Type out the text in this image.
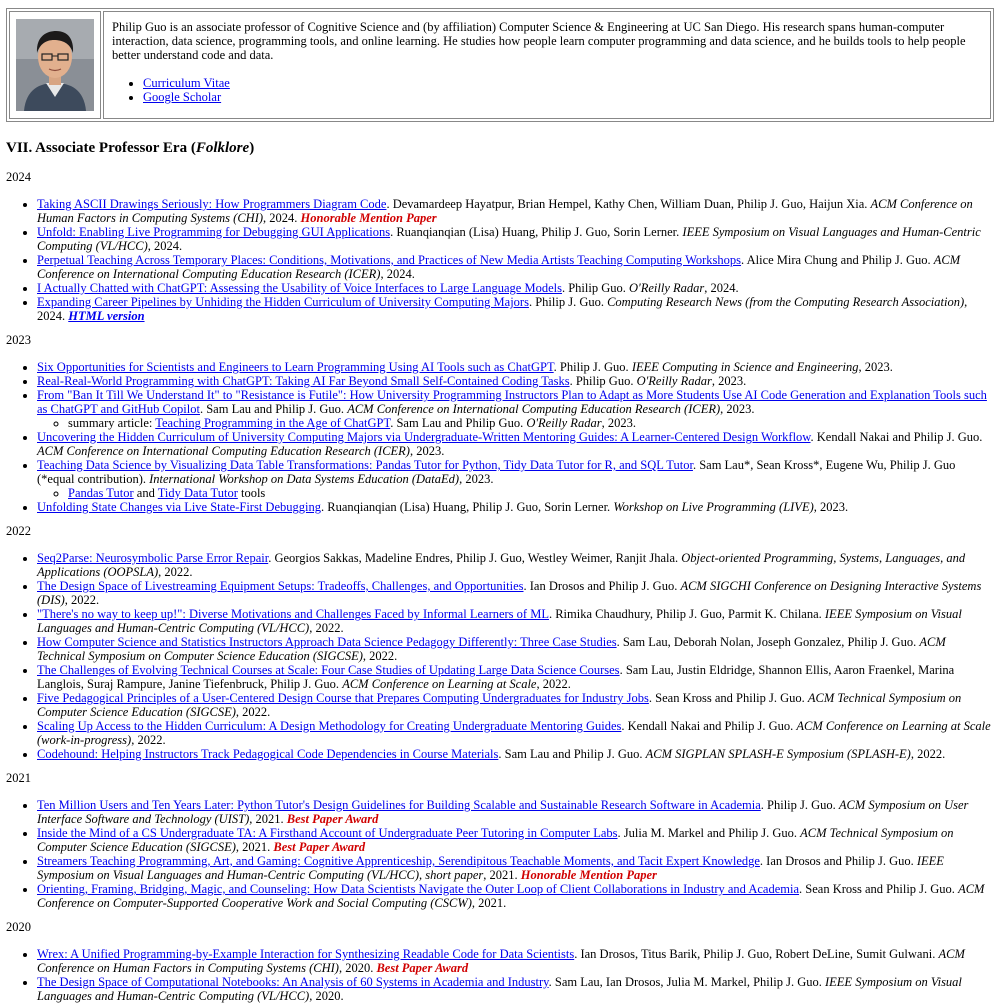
Philip Guo is an associate professor of Cognitive Science and (by affiliation) Computer Science & Engineering at UC San Diego. His research spans human-computer interaction, data science, programming tools, and online learning. He studies how people learn computer programming and data science, and he builds tools to help people better understand code and data.

• Curriculum Vitae
• Google Scholar
VII. Associate Professor Era (Folklore)
2024
• Taking ASCII Drawings Seriously: How Programmers Diagram Code. Devamardeep Hayatpur, Brian Hempel, Kathy Chen, William Duan, Philip J. Guo, Haijun Xia. ACM Conference on Human Factors in Computing Systems (CHI), 2024. Honorable Mention Paper
• Unfold: Enabling Live Programming for Debugging GUI Applications. Ruanqianqian (Lisa) Huang, Philip J. Guo, Sorin Lerner. IEEE Symposium on Visual Languages and Human-Centric Computing (VL/HCC), 2024.
• Perpetual Teaching Across Temporary Places: Conditions, Motivations, and Practices of New Media Artists Teaching Computing Workshops. Alice Mira Chung and Philip J. Guo. ACM Conference on International Computing Education Research (ICER), 2024.
• I Actually Chatted with ChatGPT: Assessing the Usability of Voice Interfaces to Large Language Models. Philip Guo. O'Reilly Radar, 2024.
• Expanding Career Pipelines by Unhiding the Hidden Curriculum of University Computing Majors. Philip J. Guo. Computing Research News (from the Computing Research Association), 2024. HTML version
2023
• Six Opportunities for Scientists and Engineers to Learn Programming Using AI Tools such as ChatGPT. Philip J. Guo. IEEE Computing in Science and Engineering, 2023.
• Real-Real-World Programming with ChatGPT: Taking AI Far Beyond Small Self-Contained Coding Tasks. Philip Guo. O'Reilly Radar, 2023.
• From "Ban It Till We Understand It" to "Resistance is Futile": How University Programming Instructors Plan to Adapt as More Students Use AI Code Generation and Explanation Tools such as ChatGPT and GitHub Copilot. Sam Lau and Philip J. Guo. ACM Conference on International Computing Education Research (ICER), 2023.
◦ summary article: Teaching Programming in the Age of ChatGPT. Sam Lau and Philip Guo. O'Reilly Radar, 2023.
• Uncovering the Hidden Curriculum of University Computing Majors via Undergraduate-Written Mentoring Guides: A Learner-Centered Design Workflow. Kendall Nakai and Philip J. Guo. ACM Conference on International Computing Education Research (ICER), 2023.
• Teaching Data Science by Visualizing Data Table Transformations: Pandas Tutor for Python, Tidy Data Tutor for R, and SQL Tutor. Sam Lau*, Sean Kross*, Eugene Wu, Philip J. Guo (*equal contribution). International Workshop on Data Systems Education (DataEd), 2023.
◦ Pandas Tutor and Tidy Data Tutor tools
• Unfolding State Changes via Live State-First Debugging. Ruanqianqian (Lisa) Huang, Philip J. Guo, Sorin Lerner. Workshop on Live Programming (LIVE), 2023.
2022
• Seq2Parse: Neurosymbolic Parse Error Repair. Georgios Sakkas, Madeline Endres, Philip J. Guo, Westley Weimer, Ranjit Jhala. Object-oriented Programming, Systems, Languages, and Applications (OOPSLA), 2022.
• The Design Space of Livestreaming Equipment Setups: Tradeoffs, Challenges, and Opportunities. Ian Drosos and Philip J. Guo. ACM SIGCHI Conference on Designing Interactive Systems (DIS), 2022.
• "There's no way to keep up!": Diverse Motivations and Challenges Faced by Informal Learners of ML. Rimika Chaudhury, Philip J. Guo, Parmit K. Chilana. IEEE Symposium on Visual Languages and Human-Centric Computing (VL/HCC), 2022.
• How Computer Science and Statistics Instructors Approach Data Science Pedagogy Differently: Three Case Studies. Sam Lau, Deborah Nolan, Joseph Gonzalez, Philip J. Guo. ACM Technical Symposium on Computer Science Education (SIGCSE), 2022.
• The Challenges of Evolving Technical Courses at Scale: Four Case Studies of Updating Large Data Science Courses. Sam Lau, Justin Eldridge, Shannon Ellis, Aaron Fraenkel, Marina Langlois, Suraj Rampure, Janine Tiefenbruck, Philip J. Guo. ACM Conference on Learning at Scale, 2022.
• Five Pedagogical Principles of a User-Centered Design Course that Prepares Computing Undergraduates for Industry Jobs. Sean Kross and Philip J. Guo. ACM Technical Symposium on Computer Science Education (SIGCSE), 2022.
• Scaling Up Access to the Hidden Curriculum: A Design Methodology for Creating Undergraduate Mentoring Guides. Kendall Nakai and Philip J. Guo. ACM Conference on Learning at Scale (work-in-progress), 2022.
• Codehound: Helping Instructors Track Pedagogical Code Dependencies in Course Materials. Sam Lau and Philip J. Guo. ACM SIGPLAN SPLASH-E Symposium (SPLASH-E), 2022.
2021
• Ten Million Users and Ten Years Later: Python Tutor's Design Guidelines for Building Scalable and Sustainable Research Software in Academia. Philip J. Guo. ACM Symposium on User Interface Software and Technology (UIST), 2021. Best Paper Award
• Inside the Mind of a CS Undergraduate TA: A Firsthand Account of Undergraduate Peer Tutoring in Computer Labs. Julia M. Markel and Philip J. Guo. ACM Technical Symposium on Computer Science Education (SIGCSE), 2021. Best Paper Award
• Streamers Teaching Programming, Art, and Gaming: Cognitive Apprenticeship, Serendipitous Teachable Moments, and Tacit Expert Knowledge. Ian Drosos and Philip J. Guo. IEEE Symposium on Visual Languages and Human-Centric Computing (VL/HCC), short paper, 2021. Honorable Mention Paper
• Orienting, Framing, Bridging, Magic, and Counseling: How Data Scientists Navigate the Outer Loop of Client Collaborations in Industry and Academia. Sean Kross and Philip J. Guo. ACM Conference on Computer-Supported Cooperative Work and Social Computing (CSCW), 2021.
2020
• Wrex: A Unified Programming-by-Example Interaction for Synthesizing Readable Code for Data Scientists. Ian Drosos, Titus Barik, Philip J. Guo, Robert DeLine, Sumit Gulwani. ACM Conference on Human Factors in Computing Systems (CHI), 2020. Best Paper Award
• The Design Space of Computational Notebooks: An Analysis of 60 Systems in Academia and Industry. Sam Lau, Ian Drosos, Julia M. Markel, Philip J. Guo. IEEE Symposium on Visual Languages and Human-Centric Computing (VL/HCC), 2020.
